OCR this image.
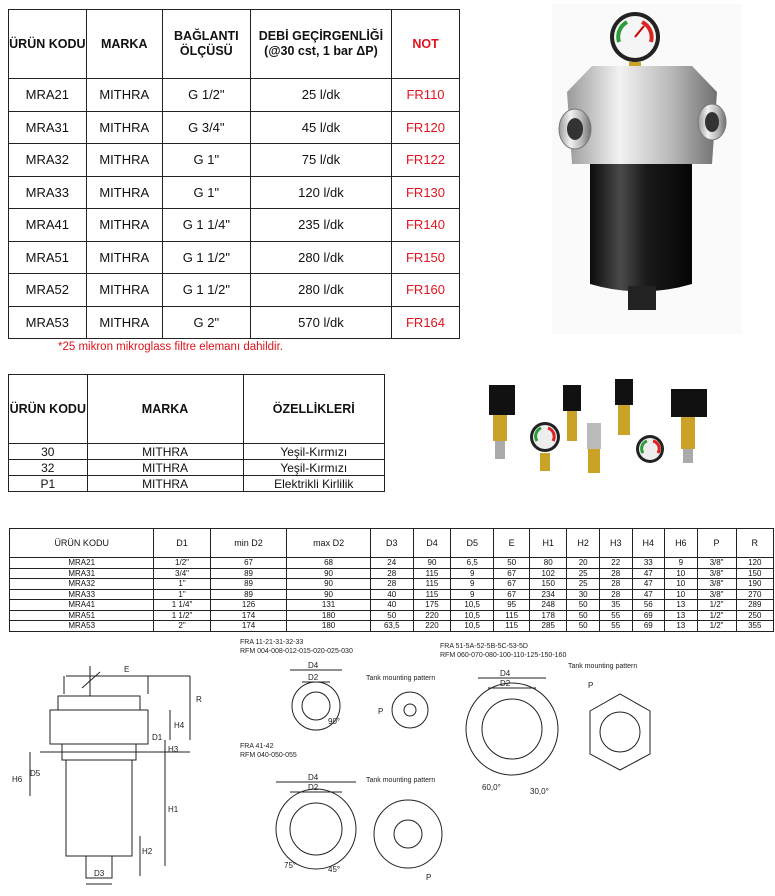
ÜRÜN KODU	MARKA	BAĞLANTI ÖLÇÜSÜ	DEBİ GEÇİRGENLİĞİ (@30 cst, 1 bar ΔP)	NOT
MRA21	MITHRA	G 1/2"	25 l/dk	FR110
MRA31	MITHRA	G 3/4"	45 l/dk	FR120
MRA32	MITHRA	G 1"	75 l/dk	FR122
MRA33	MITHRA	G 1"	120 l/dk	FR130
MRA41	MITHRA	G 1 1/4"	235 l/dk	FR140
MRA51	MITHRA	G 1 1/2"	280 l/dk	FR150
MRA52	MITHRA	G 1 1/2"	280 l/dk	FR160
MRA53	MITHRA	G 2"	570 l/dk	FR164
*25 mikron mikroglass filtre elemanı dahildir.
ÜRÜN KODU	MARKA	ÖZELLİKLERİ
30	MITHRA	Yeşil-Kırmızı
32	MITHRA	Yeşil-Kırmızı
P1	MITHRA	Elektrikli Kirlilik
ÜRÜN KODU	D1	min D2	max D2	D3	D4	D5	E	H1	H2	H3	H4	H6	P	R
MRA21	1/2"	67	68	24	90	6,5	50	80	20	22	33	9	3/8"	120
MRA31	3/4"	89	90	28	115	9	67	102	25	28	47	10	3/8"	150
MRA32	1"	89	90	28	115	9	67	150	25	28	47	10	3/8"	190
MRA33	1"	89	90	40	115	9	67	234	30	28	47	10	3/8"	270
MRA41	1 1/4"	126	131	40	175	10,5	95	248	50	35	56	13	1/2"	289
MRA51	1 1/2"	174	180	50	220	10,5	115	178	50	55	69	13	1/2"	250
MRA53	2"	174	180	63,5	220	10,5	115	285	50	55	69	13	1/2"	355
E
R
H4
D1
H3
H6
D5
H1
H2
D3
FRA 11-21-31-32-33
RFM 004-008-012-015-020-025-030
FRA 51-5A-52-5B-5C-53-5D
RFM 060-070-080-100-110-125-150-160
FRA 41-42
RFM 040-050-055
Tank mounting pattern
Tank mounting pattern
Tank mounting pattern
D4
D2	D4
D2
D4
D2
P
P
P
90°
60,0°	30,0°
75°	45°
